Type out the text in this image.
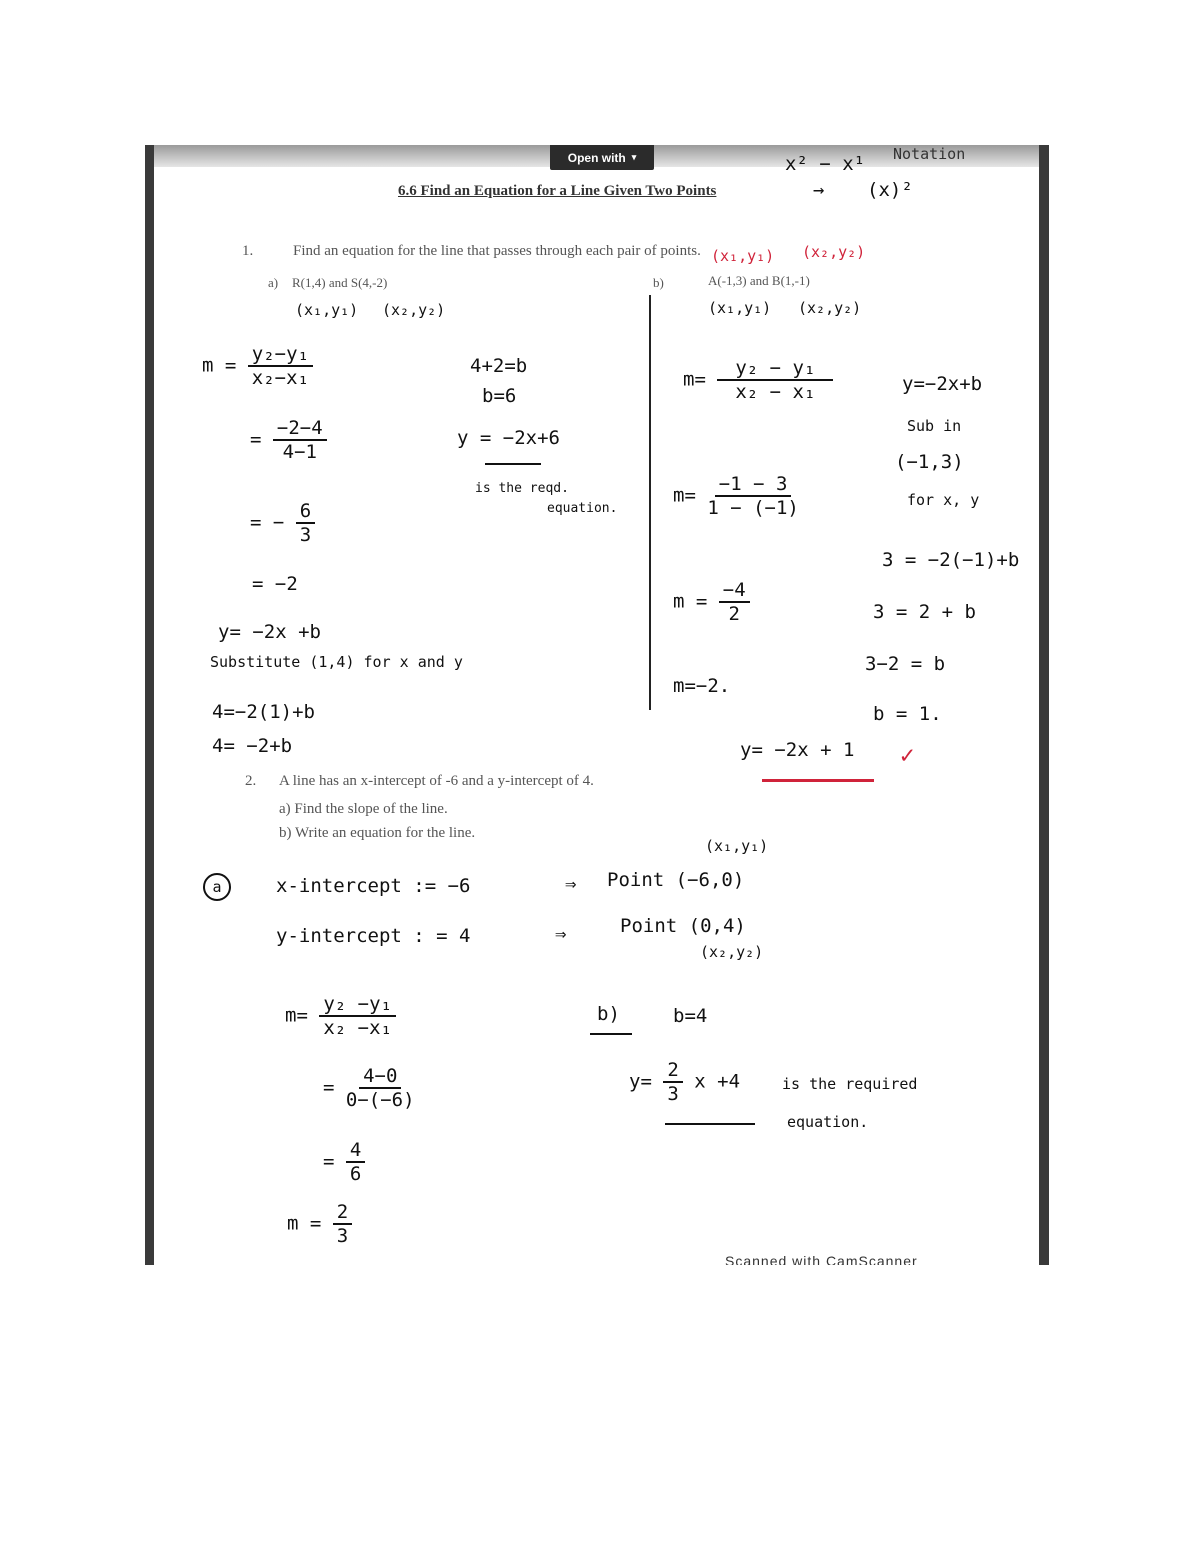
Open with ▾	Notation
x² − x¹
→ (x)²
6.6 Find an Equation for a Line Given Two Points
1.	Find an equation for the line that passes through each pair of points.
a) R(1,4) and S(4,-2)
(x₁,y₁) (x₂,y₂)
b)	A(-1,3) and B(1,-1)
(x₁,y₁) (x₂,y₂)
(x₁,y₁) (x₂,y₂)
$m = \frac{\text{y₂−y₁}}{\text{x₂−x₁}}$
= $\frac{-2-4}{4-1}$
= − $\frac{6}{3}$
= −2
4+2=b
b=6
y = −2x+6
is the reqd.
equation.
y= −2x +b
Substitute (1,4) for x and y
4=−2(1)+b
4= −2+b
$m= \frac{\text{y₂ − y₁}}{\text{x₂ − x₁}}$
$m= \frac{-1 - 3}{1 - (-1)}$
$m = \frac{-4}{2}$
m=−2.
y=−2x+b
Sub in
(−1,3)
for x, y
3 = −2(−1)+b
3 = 2 + b
3−2 = b
b = 1.
y= −2x + 1 ✓
2. A line has an x-intercept of -6 and a y-intercept of 4.
a) Find the slope of the line.
b) Write an equation for the line.
a	x-intercept := −6
y-intercept : = 4
⇒
⇒
(x₁,y₁)
Point (−6,0)
Point (0,4)
(x₂,y₂)
$m= \frac{\text{y₂ −y₁}}{\text{x₂ −x₁}}$
= $\frac{4-0}{0-(-6)}$
= $\frac{4}{6}$
$m = \frac{2}{3}$
b)	b=4
$y= \frac{2}{3}$ x +4	is the required
equation.
Scanned with CamScanner
